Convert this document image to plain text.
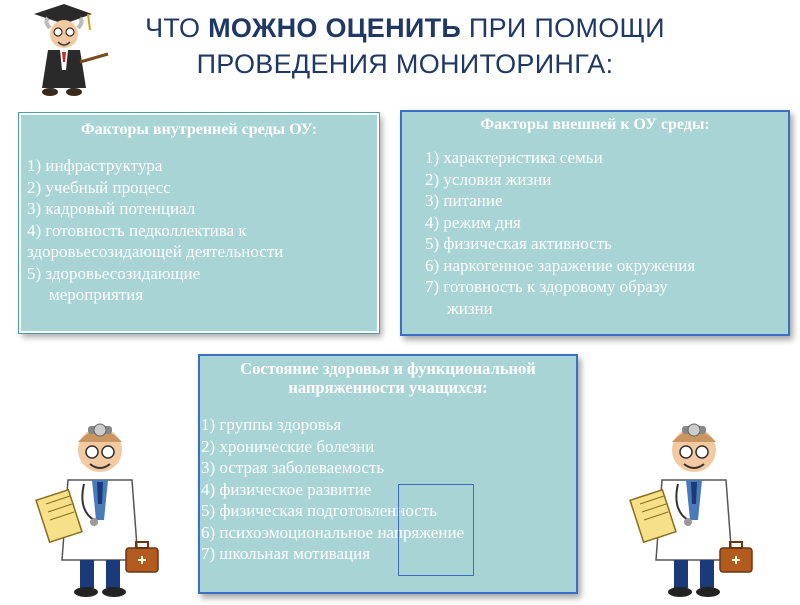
ЧТО МОЖНО ОЦЕНИТЬ ПРИ ПОМОЩИ
ПРОВЕДЕНИЯ МОНИТОРИНГА:
Факторы внутренней среды ОУ:
1) инфраструктура
2) учебный процесс
3) кадровый потенциал
4) готовность педколлектива к
здоровьесозидающей деятельности
5) здоровьесозидающие
мероприятия
Факторы внешней к ОУ среды:
1) характеристика семьи
2) условия жизни
3) питание
4) режим дня
5) физическая активность
6) наркогенное заражение окружения
7) готовность к здоровому образу
жизни
Состояние здоровья и функциональной напряженности учащихся:
1) группы здоровья
2) хронические болезни
3) острая заболеваемость
4) физическое развитие
5) физическая подготовленность
6) психоэмоциональное напряжение
7) школьная мотивация
